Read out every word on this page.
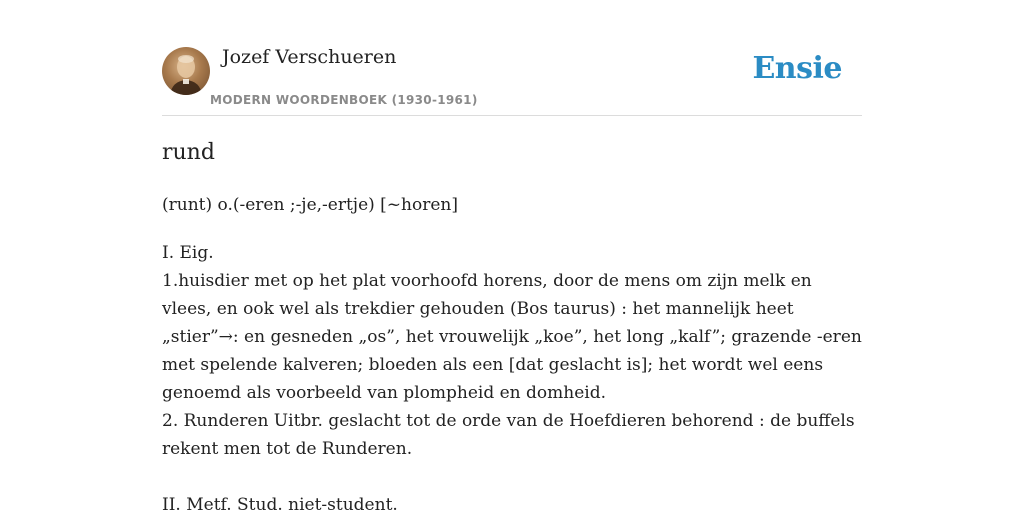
Jozef Verschueren
MODERN WOORDENBOEK (1930-1961)
Ensie
rund
(runt) o.(-eren ;-je,-ertje) [~horen]

I. Eig.

1.huisdier met op het plat voorhoofd horens, door de mens om zijn melk en

vlees, en ook wel als trekdier gehouden (Bos taurus) : het mannelijk heet

„stier”→: en gesneden „os”, het vrouwelijk „koe”, het long „kalf”; grazende -eren

met spelende kalveren; bloeden als een [dat geslacht is]; het wordt wel eens

genoemd als voorbeeld van plompheid en domheid.

2. Runderen Uitbr. geslacht tot de orde van de Hoefdieren behorend : de buffels

rekent men tot de Runderen.

II. Metf. Stud. niet-student.
